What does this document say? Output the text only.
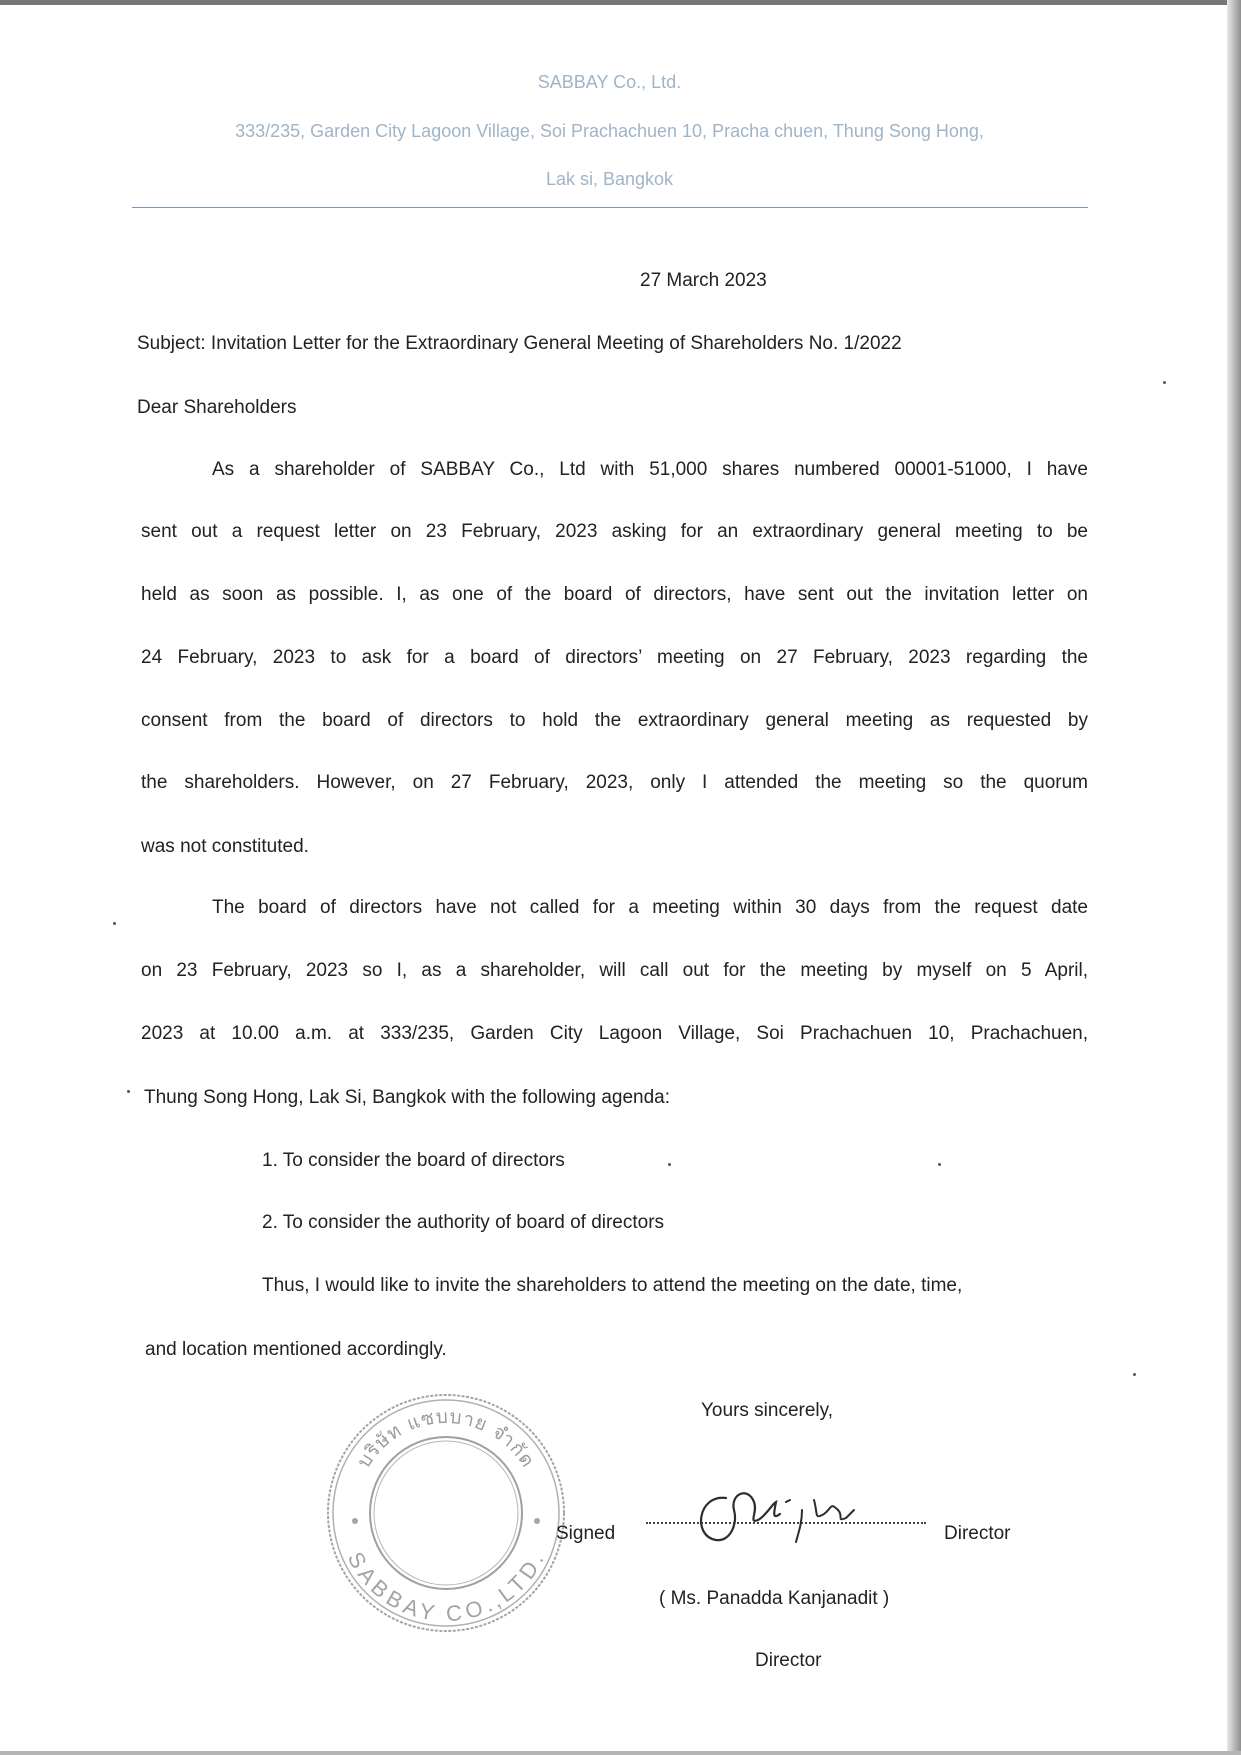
SABBAY Co., Ltd.
333/235, Garden City Lagoon Village, Soi Prachachuen 10, Pracha chuen, Thung Song Hong,
Lak si, Bangkok
27 March 2023
Subject: Invitation Letter for the Extraordinary General Meeting of Shareholders No. 1/2022
Dear Shareholders
As a shareholder of SABBAY Co., Ltd with 51,000 shares numbered 00001-51000, I have
sent out a request letter on 23 February, 2023 asking for an extraordinary general meeting to be
held as soon as possible. I, as one of the board of directors, have sent out the invitation letter on
24 February, 2023 to ask for a board of directors’ meeting on 27 February, 2023 regarding the
consent from the board of directors to hold the extraordinary general meeting as requested by
the shareholders. However, on 27 February, 2023, only I attended the meeting so the quorum
was not constituted.
The board of directors have not called for a meeting within 30 days from the request date
on 23 February, 2023 so I, as a shareholder, will call out for the meeting by myself on 5 April,
2023 at 10.00 a.m. at 333/235, Garden City Lagoon Village, Soi Prachachuen 10, Prachachuen,
Thung Song Hong, Lak Si, Bangkok with the following agenda:
1. To consider the board of directors
2. To consider the authority of board of directors
Thus, I would like to invite the shareholders to attend the meeting on the date, time,
and location mentioned accordingly.
Yours sincerely,
บริษัท แซบบาย จำกัด
SABBAY CO.,LTD.
Signed	Director
( Ms. Panadda Kanjanadit )
Director
